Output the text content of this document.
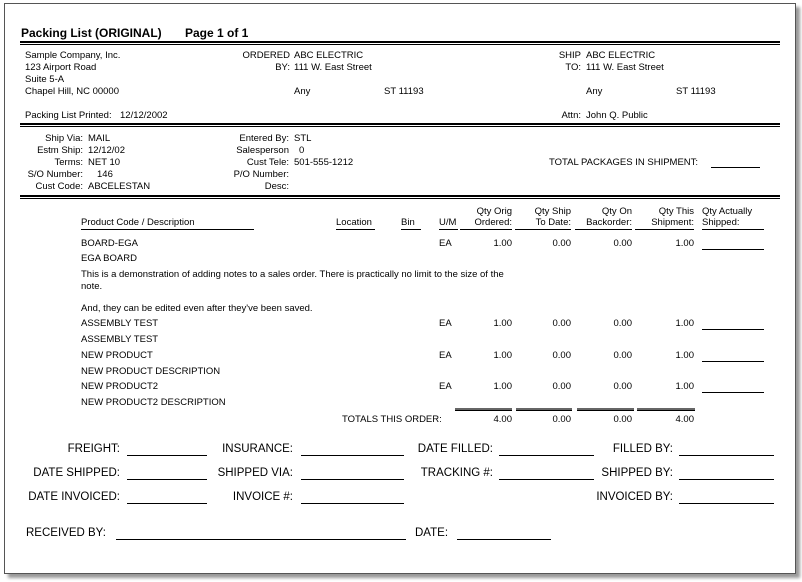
Packing List (ORIGINAL) Page 1 of 1
Sample Company, Inc.
123 Airport Road
Suite 5-A
Chapel Hill, NC 00000
Packing List Printed: 12/12/2002
ORDERED
BY:
ABC ELECTRIC
111 W. East Street
Any	ST 11193
SHIP
TO:
ABC ELECTRIC
111 W. East Street
Any	ST 11193
Attn: John Q. Public
Ship Via: MAIL
Estm Ship: 12/12/02
Terms: NET 10
S/O Number: 146
Cust Code: ABCELESTAN
Entered By: STL
Salesperson 0
Cust Tele: 501-555-1212
P/O Number:
Desc:
TOTAL PACKAGES IN SHIPMENT:
Product Code / Description	Location	Bin	U/M
Qty Orig
Ordered:
Qty Ship
To Date:
Qty On
Backorder:
Qty This
Shipment:
Qty Actually
Shipped:
BOARD-EGA	EA	1.00	0.00	0.00	1.00
EGA BOARD
This is a demonstration of adding notes to a sales order. There is practically no limit to the size of the
note.
And, they can be edited even after they've been saved.
ASSEMBLY TEST	EA	1.00	0.00	0.00	1.00
ASSEMBLY TEST
NEW PRODUCT	EA	1.00	0.00	0.00	1.00
NEW PRODUCT DESCRIPTION
NEW PRODUCT2	EA	1.00	0.00	0.00	1.00
NEW PRODUCT2 DESCRIPTION
TOTALS THIS ORDER:	4.00	0.00	0.00	4.00
FREIGHT:	INSURANCE:	DATE FILLED:	FILLED BY:
DATE SHIPPED:	SHIPPED VIA:	TRACKING #:	SHIPPED BY:
DATE INVOICED:	INVOICE #:	INVOICED BY:
RECEIVED BY:	DATE:
